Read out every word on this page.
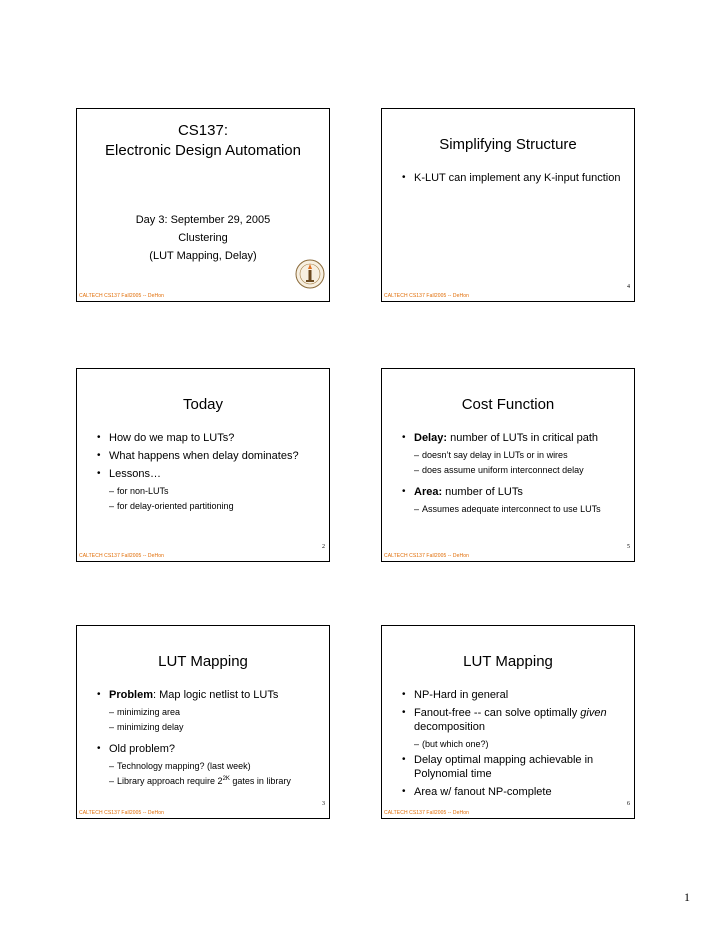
CS137:
Electronic Design Automation
Day 3: September 29, 2005
Clustering
(LUT Mapping, Delay)
CALTECH CS137 Fall2005 -- DeHon
Simplifying Structure
• K-LUT can implement any K-input function
4
CALTECH CS137 Fall2005 -- DeHon
Today
• How do we map to LUTs?
• What happens when delay dominates?
• Lessons…
– for non-LUTs
– for delay-oriented partitioning
2
CALTECH CS137 Fall2005 -- DeHon
Cost Function
• Delay: number of LUTs in critical path
– doesn’t say delay in LUTs or in wires
– does assume uniform interconnect delay
• Area: number of LUTs
– Assumes adequate interconnect to use LUTs
5
CALTECH CS137 Fall2005 -- DeHon
LUT Mapping
• Problem: Map logic netlist to LUTs
– minimizing area
– minimizing delay
• Old problem?
– Technology mapping? (last week)
– Library approach require $2^{2K}$ gates in library
3
CALTECH CS137 Fall2005 -- DeHon
LUT Mapping
• NP-Hard in general
• Fanout-free -- can solve optimally given decomposition
– (but which one?)
• Delay optimal mapping achievable in Polynomial time
• Area w/ fanout NP-complete
6
CALTECH CS137 Fall2005 -- DeHon
1
